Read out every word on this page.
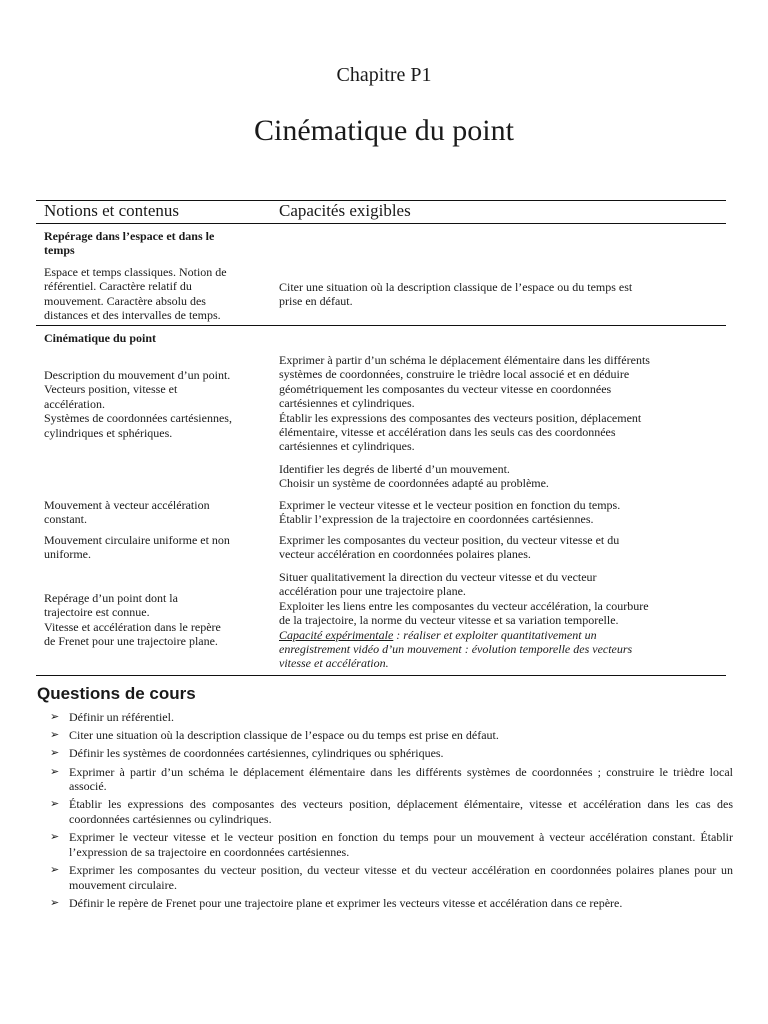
Chapitre P1
Cinématique du point
Notions et contenus	Capacités exigibles
Repérage dans l’espace et dans le
temps
Espace et temps classiques. Notion de
référentiel. Caractère relatif du
mouvement. Caractère absolu des
distances et des intervalles de temps.
Citer une situation où la description classique de l’espace ou du temps est
prise en défaut.
Cinématique du point
Description du mouvement d’un point.
Vecteurs position, vitesse et
accélération.
Systèmes de coordonnées cartésiennes,
cylindriques et sphériques.
Exprimer à partir d’un schéma le déplacement élémentaire dans les différents
systèmes de coordonnées, construire le trièdre local associé et en déduire
géométriquement les composantes du vecteur vitesse en coordonnées
cartésiennes et cylindriques.
Établir les expressions des composantes des vecteurs position, déplacement
élémentaire, vitesse et accélération dans les seuls cas des coordonnées
cartésiennes et cylindriques.
Identifier les degrés de liberté d’un mouvement.
Choisir un système de coordonnées adapté au problème.
Mouvement à vecteur accélération
constant.
Exprimer le vecteur vitesse et le vecteur position en fonction du temps.
Établir l’expression de la trajectoire en coordonnées cartésiennes.
Mouvement circulaire uniforme et non
uniforme.
Exprimer les composantes du vecteur position, du vecteur vitesse et du
vecteur accélération en coordonnées polaires planes.
Repérage d’un point dont la
trajectoire est connue.
Vitesse et accélération dans le repère
de Frenet pour une trajectoire plane.
Situer qualitativement la direction du vecteur vitesse et du vecteur
accélération pour une trajectoire plane.
Exploiter les liens entre les composantes du vecteur accélération, la courbure
de la trajectoire, la norme du vecteur vitesse et sa variation temporelle.
Capacité expérimentale : réaliser et exploiter quantitativement un
enregistrement vidéo d’un mouvement : évolution temporelle des vecteurs
vitesse et accélération.
Questions de cours
➢ Définir un référentiel.
➢ Citer une situation où la description classique de l’espace ou du temps est prise en défaut.
➢ Définir les systèmes de coordonnées cartésiennes, cylindriques ou sphériques.
➢ Exprimer à partir d’un schéma le déplacement élémentaire dans les différents systèmes de coordonnées ; construire le trièdre local associé.
➢ Établir les expressions des composantes des vecteurs position, déplacement élémentaire, vitesse et accélération dans les cas des coordonnées cartésiennes ou cylindriques.
➢ Exprimer le vecteur vitesse et le vecteur position en fonction du temps pour un mouvement à vecteur accélération constant. Établir l’expression de sa trajectoire en coordonnées cartésiennes.
➢ Exprimer les composantes du vecteur position, du vecteur vitesse et du vecteur accélération en coordonnées polaires planes pour un mouvement circulaire.
➢ Définir le repère de Frenet pour une trajectoire plane et exprimer les vecteurs vitesse et accélération dans ce repère.
